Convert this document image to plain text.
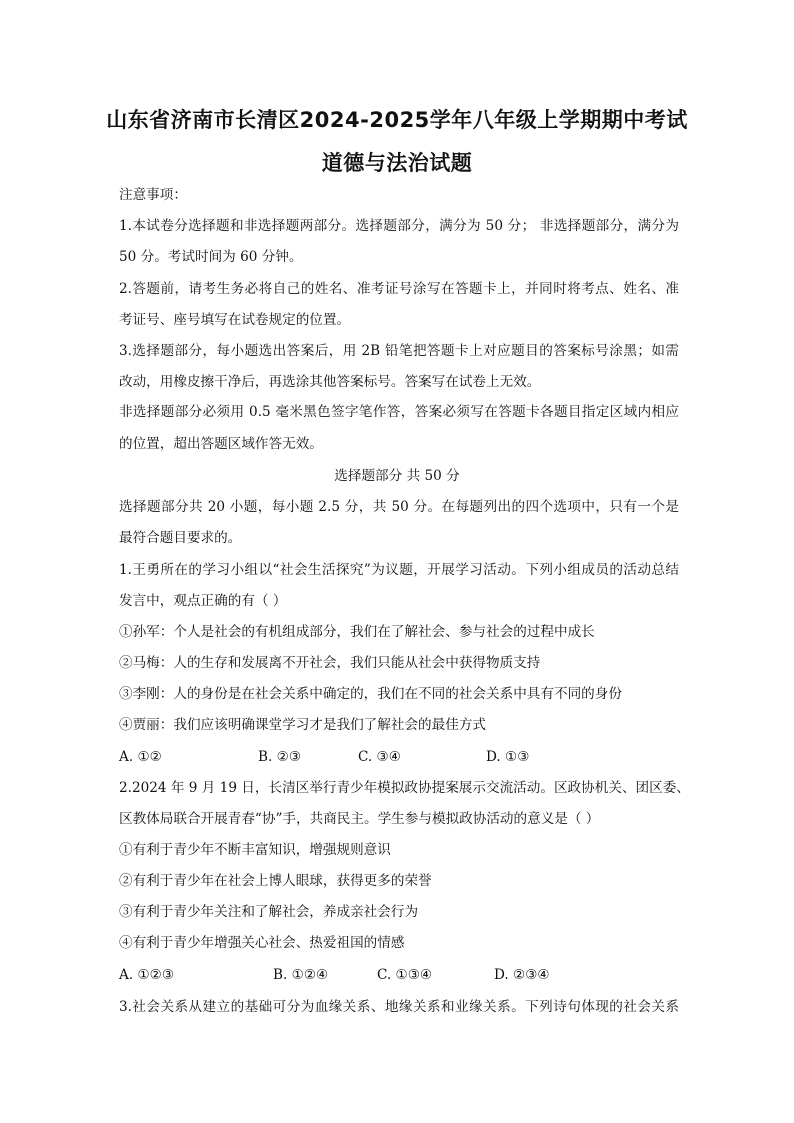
山东省济南市长清区2024-2025学年八年级上学期期中考试
道德与法治试题
注意事项：
1.本试卷分选择题和非选择题两部分。选择题部分，满分为 50 分； 非选择题部分，满分为
50 分。考试时间为 60 分钟。
2.答题前，请考生务必将自己的姓名、准考证号涂写在答题卡上，并同时将考点、姓名、准
考证号、座号填写在试卷规定的位置。
3.选择题部分，每小题选出答案后，用 2B 铅笔把答题卡上对应题目的答案标号涂黑；如需
改动，用橡皮擦干净后，再选涂其他答案标号。答案写在试卷上无效。
非选择题部分必须用 0.5 毫米黑色签字笔作答，答案必须写在答题卡各题目指定区域内相应
的位置，超出答题区域作答无效。
选择题部分 共 50 分
选择题部分共 20 小题，每小题 2.5 分，共 50 分。在每题列出的四个选项中，只有一个是
最符合题目要求的。
1.王勇所在的学习小组以“社会生活探究”为议题，开展学习活动。下列小组成员的活动总结
发言中，观点正确的有（ ）
①孙军：个人是社会的有机组成部分，我们在了解社会、参与社会的过程中成长
②马梅：人的生存和发展离不开社会，我们只能从社会中获得物质支持
③李刚：人的身份是在社会关系中确定的，我们在不同的社会关系中具有不同的身份
④贾丽：我们应该明确课堂学习才是我们了解社会的最佳方式
A. ①②	B. ②③	C. ③④	D. ①③
2.2024 年 9 月 19 日，长清区举行青少年模拟政协提案展示交流活动。区政协机关、团区委、
区教体局联合开展青春“协”手，共商民主。学生参与模拟政协活动的意义是（ ）
①有利于青少年不断丰富知识，增强规则意识
②有利于青少年在社会上博人眼球，获得更多的荣誉
③有利于青少年关注和了解社会，养成亲社会行为
④有利于青少年增强关心社会、热爱祖国的情感
A. ①②③	B. ①②④	C. ①③④	D. ②③④
3.社会关系从建立的基础可分为血缘关系、地缘关系和业缘关系。下列诗句体现的社会关系
